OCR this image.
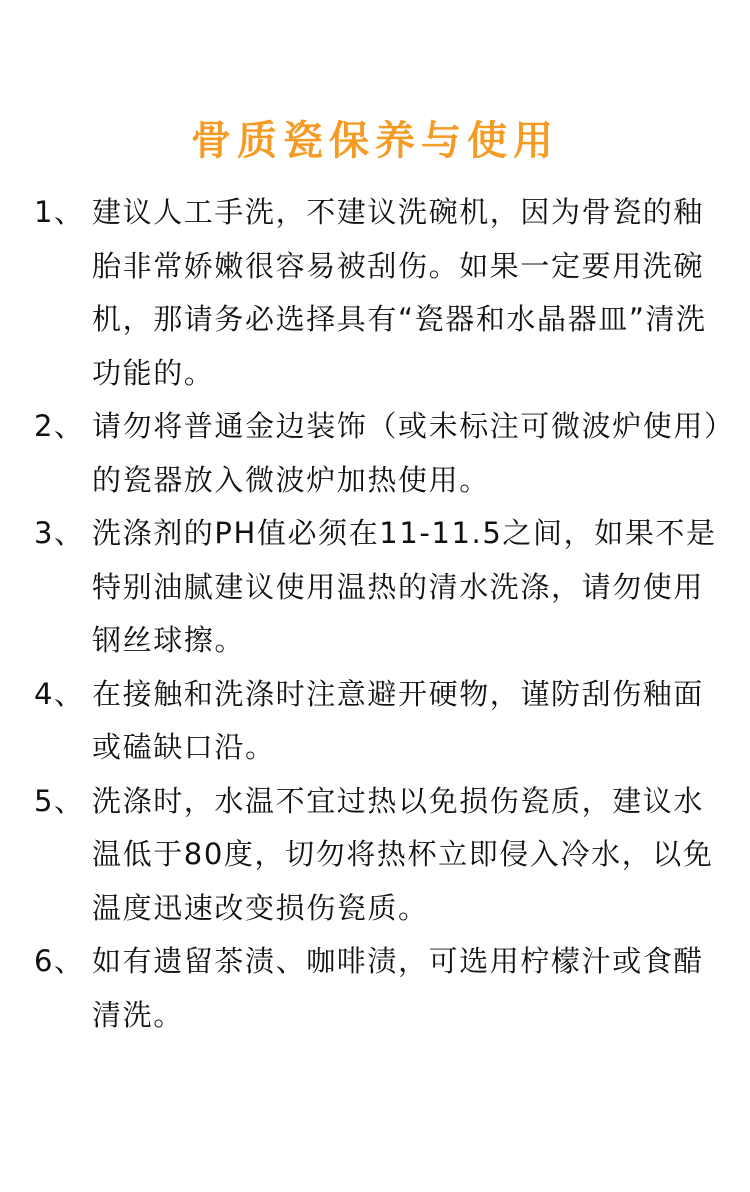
骨质瓷保养与使用
1、 建议人工手洗，不建议洗碗机，因为骨瓷的釉胎非常娇嫩很容易被刮伤。如果一定要用洗碗机，那请务必选择具有“瓷器和水晶器皿”清洗功能的。
2、 请勿将普通金边装饰（或未标注可微波炉使用）的瓷器放入微波炉加热使用。
3、 洗涤剂的PH值必须在11-11.5之间，如果不是特别油腻建议使用温热的清水洗涤，请勿使用钢丝球擦。
4、 在接触和洗涤时注意避开硬物，谨防刮伤釉面或磕缺口沿。
5、 洗涤时，水温不宜过热以免损伤瓷质，建议水温低于80度，切勿将热杯立即侵入冷水，以免温度迅速改变损伤瓷质。
6、 如有遗留茶渍、咖啡渍，可选用柠檬汁或食醋清洗。
